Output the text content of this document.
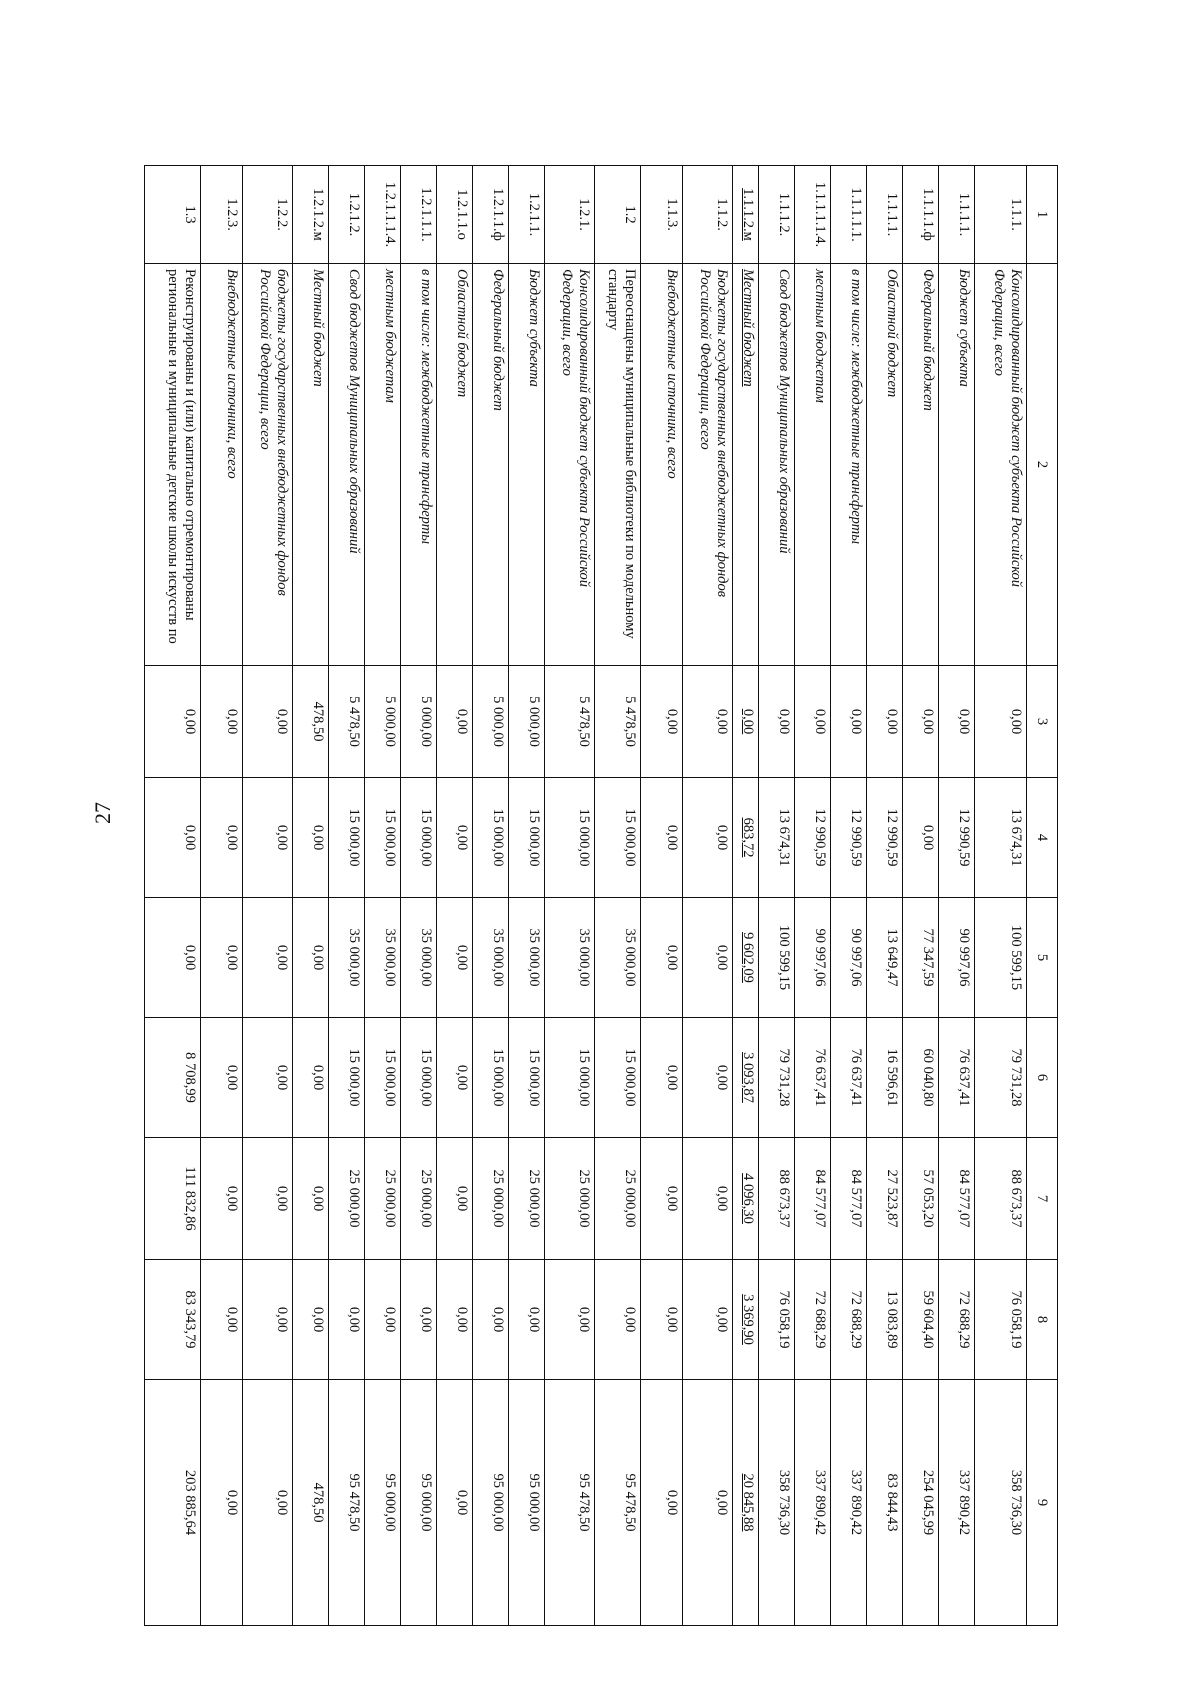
27
1	2	3	4	5	6	7	8	9
1.1.1.	Консолидированный бюджет субъекта Российской Федерации, всего	0,00	13 674,31	100 599,15	79 731,28	88 673,37	76 058,19	358 736,30
1.1.1.1.	Бюджет субъекта	0,00	12 990,59	90 997,06	76 637,41	84 577,07	72 688,29	337 890,42
1.1.1.1.ф	Федеральный бюджет	0,00	0,00	77 347,59	60 040,80	57 053,20	59 604,40	254 045,99
1.1.1.1.	Областной бюджет	0,00	12 990,59	13 649,47	16 596,61	27 523,87	13 083,89	83 844,43
1.1.1.1.1.	в том числе: межбюджетные трансферты	0,00	12 990,59	90 997,06	76 637,41	84 577,07	72 688,29	337 890,42
1.1.1.1.1.4.	местным бюджетам	0,00	12 990,59	90 997,06	76 637,41	84 577,07	72 688,29	337 890,42
1.1.1.2.	Свод бюджетов Муниципальных образований	0,00	13 674,31	100 599,15	79 731,28	88 673,37	76 058,19	358 736,30
1.1.1.2.м	Местный бюджет	0,00	683,72	9 602,09	3 093,87	4 096,30	3 369,90	20 845,88
1.1.2.	Бюджеты государственных внебюджетных фондов Российской Федерации, всего	0,00	0,00	0,00	0,00	0,00	0,00	0,00
1.1.3.	Внебюджетные источники, всего	0,00	0,00	0,00	0,00	0,00	0,00	0,00
1.2	Переоснащены муниципальные библиотеки по модельному стандарту	5 478,50	15 000,00	35 000,00	15 000,00	25 000,00	0,00	95 478,50
1.2.1.	Консолидированный бюджет субъекта Российской Федерации, всего	5 478,50	15 000,00	35 000,00	15 000,00	25 000,00	0,00	95 478,50
1.2.1.1.	Бюджет субъекта	5 000,00	15 000,00	35 000,00	15 000,00	25 000,00	0,00	95 000,00
1.2.1.1.ф	Федеральный бюджет	5 000,00	15 000,00	35 000,00	15 000,00	25 000,00	0,00	95 000,00
1.2.1.1.о	Областной бюджет	0,00	0,00	0,00	0,00	0,00	0,00	0,00
1.2.1.1.1.	в том числе: межбюджетные трансферты	5 000,00	15 000,00	35 000,00	15 000,00	25 000,00	0,00	95 000,00
1.2.1.1.1.4.	местным бюджетам	5 000,00	15 000,00	35 000,00	15 000,00	25 000,00	0,00	95 000,00
1.2.1.2.	Свод бюджетов Муниципальных образований	5 478,50	15 000,00	35 000,00	15 000,00	25 000,00	0,00	95 478,50
1.2.1.2.м	Местный бюджет	478,50	0,00	0,00	0,00	0,00	0,00	478,50
1.2.2.	бюджеты государственных внебюджетных фондов Российской Федерации, всего	0,00	0,00	0,00	0,00	0,00	0,00	0,00
1.2.3.	Внебюджетные источники, всего	0,00	0,00	0,00	0,00	0,00	0,00	0,00
1.3	Реконструированы и (или) капитально отремонтированы региональные и муниципальные детские школы искусств по	0,00	0,00	0,00	8 708,99	111 832,86	83 343,79	203 885,64
